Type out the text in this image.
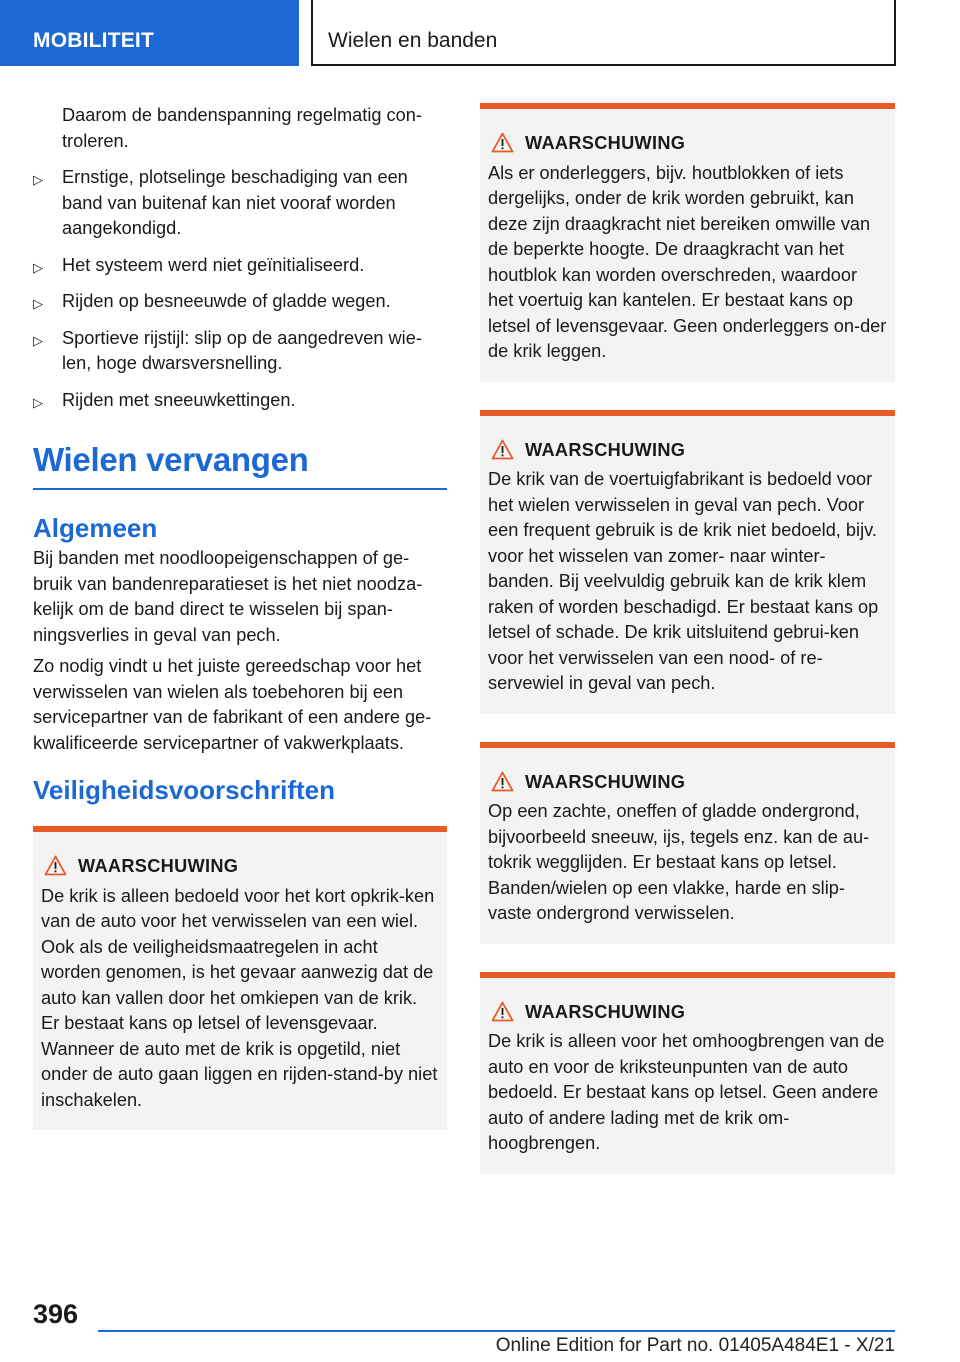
MOBILITEIT	Wielen en banden
Daarom de bandenspanning regelmatig con-troleren.
▷ Ernstige, plotselinge beschadiging van een band van buitenaf kan niet vooraf worden aangekondigd.
▷ Het systeem werd niet geïnitialiseerd.
▷ Rijden op besneeuwde of gladde wegen.
▷ Sportieve rijstijl: slip op de aangedreven wie-len, hoge dwarsversnelling.
▷ Rijden met sneeuwkettingen.
Wielen vervangen
Algemeen

Bij banden met noodloopeigenschappen of ge-bruik van bandenreparatieset is het niet noodza-kelijk om de band direct te wisselen bij span-ningsverlies in geval van pech.

Zo nodig vindt u het juiste gereedschap voor het verwisselen van wielen als toebehoren bij een servicepartner van de fabrikant of een andere ge-kwalificeerde servicepartner of vakwerkplaats.

Veiligheidsvoorschriften
WAARSCHUWING
De krik is alleen bedoeld voor het kort opkrik-ken van de auto voor het verwisselen van een wiel. Ook als de veiligheidsmaatregelen in acht worden genomen, is het gevaar aanwezig dat de auto kan vallen door het omkiepen van de krik. Er bestaat kans op letsel of levensgevaar. Wanneer de auto met de krik is opgetild, niet onder de auto gaan liggen en rijden-stand-by niet inschakelen.
WAARSCHUWING
Als er onderleggers, bijv. houtblokken of iets dergelijks, onder de krik worden gebruikt, kan deze zijn draagkracht niet bereiken omwille van de beperkte hoogte. De draagkracht van het houtblok kan worden overschreden, waardoor het voertuig kan kantelen. Er bestaat kans op letsel of levensgevaar. Geen onderleggers on-der de krik leggen.
WAARSCHUWING
De krik van de voertuigfabrikant is bedoeld voor het wielen verwisselen in geval van pech. Voor een frequent gebruik is de krik niet bedoeld, bijv. voor het wisselen van zomer- naar winter-banden. Bij veelvuldig gebruik kan de krik klem raken of worden beschadigd. Er bestaat kans op letsel of schade. De krik uitsluitend gebrui-ken voor het verwisselen van een nood- of re-servewiel in geval van pech.
WAARSCHUWING
Op een zachte, oneffen of gladde ondergrond, bijvoorbeeld sneeuw, ijs, tegels enz. kan de au-tokrik wegglijden. Er bestaat kans op letsel. Banden/wielen op een vlakke, harde en slip-vaste ondergrond verwisselen.
WAARSCHUWING
De krik is alleen voor het omhoogbrengen van de auto en voor de kriksteunpunten van de auto bedoeld. Er bestaat kans op letsel. Geen andere auto of andere lading met de krik om-hoogbrengen.
396
Online Edition for Part no. 01405A484E1 - X/21
